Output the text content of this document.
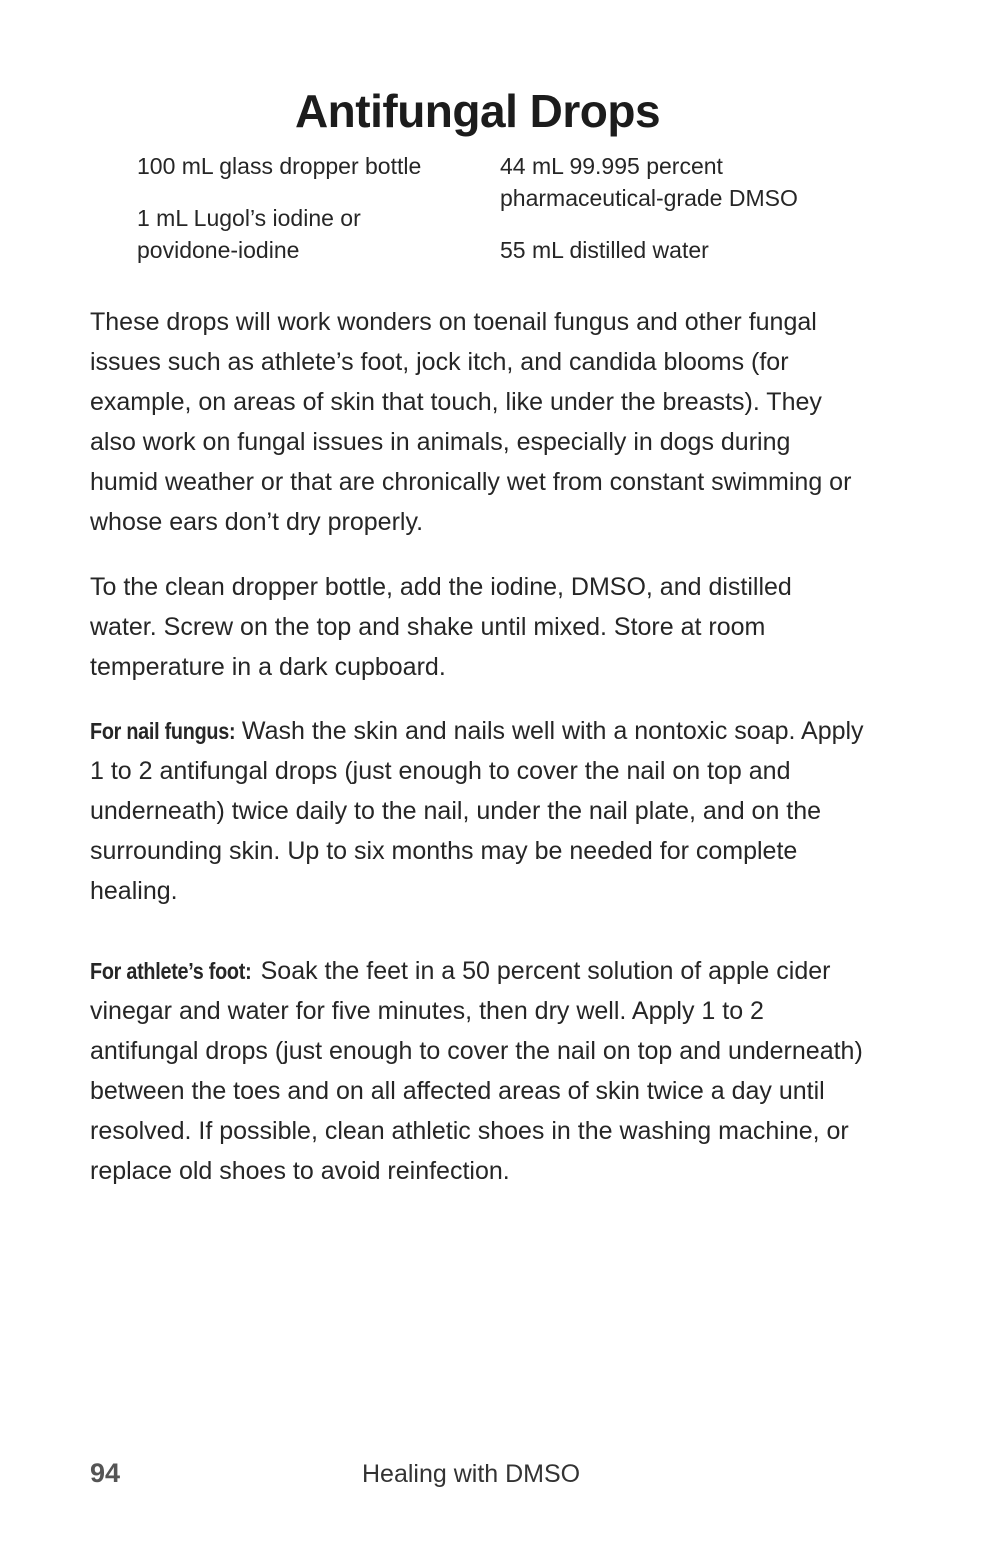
Antifungal Drops

100 mL glass dropper bottle

1 mL Lugol’s iodine or povidone-iodine

44 mL 99.995 percent pharmaceutical-grade DMSO

55 mL distilled water

These drops will work wonders on toenail fungus and other fungal issues such as athlete’s foot, jock itch, and candida blooms (for example, on areas of skin that touch, like under the breasts). They also work on fungal issues in animals, especially in dogs during humid weather or that are chronically wet from constant swimming or whose ears don’t dry properly.

To the clean dropper bottle, add the iodine, DMSO, and distilled water. Screw on the top and shake until mixed. Store at room temperature in a dark cupboard.

For nail fungus: Wash the skin and nails well with a nontoxic soap. Apply 1 to 2 antifungal drops (just enough to cover the nail on top and underneath) twice daily to the nail, under the nail plate, and on the surrounding skin. Up to six months may be needed for complete healing.

For athlete’s foot: Soak the feet in a 50 percent solution of apple cider vinegar and water for five minutes, then dry well. Apply 1 to 2 antifungal drops (just enough to cover the nail on top and underneath) between the toes and on all affected areas of skin twice a day until resolved. If possible, clean athletic shoes in the washing machine, or replace old shoes to avoid reinfection.

94	Healing with DMSO
